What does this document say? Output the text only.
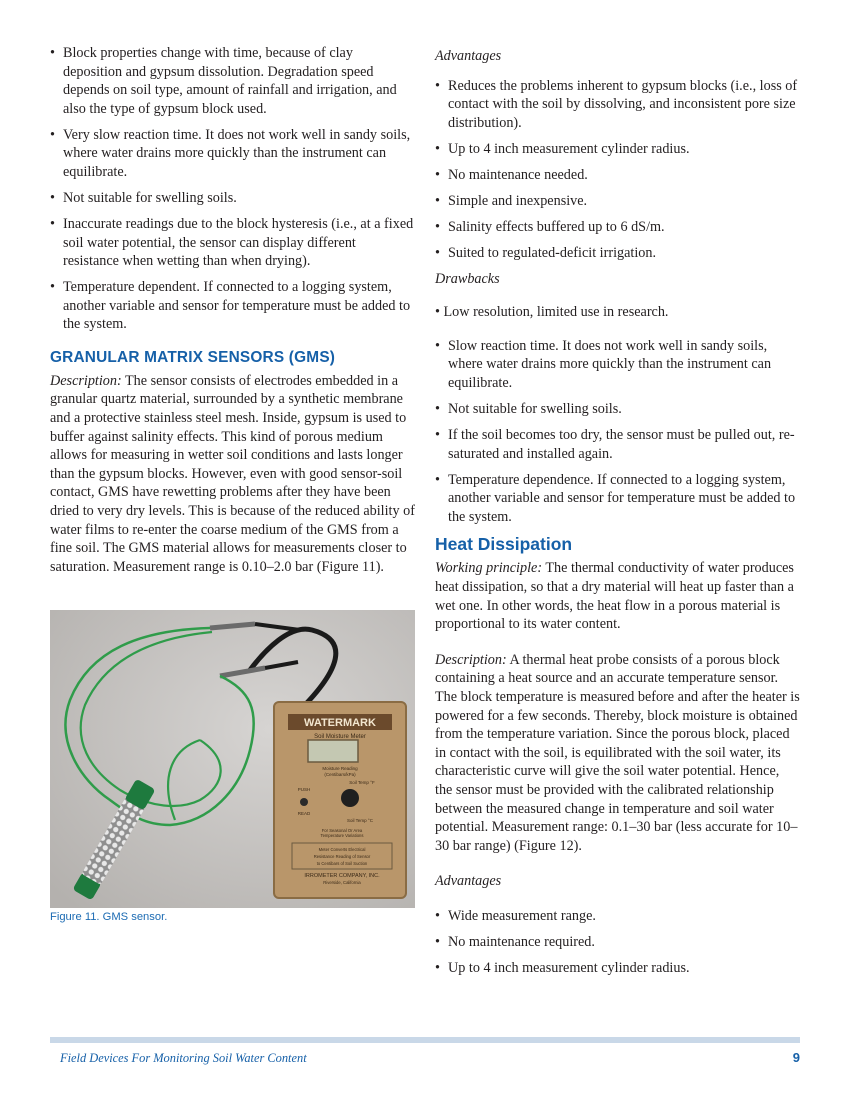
• Block properties change with time, because of clay deposition and gypsum dissolution. Degradation speed depends on soil type, amount of rainfall and irrigation, and also the type of gypsum block used.
• Very slow reaction time. It does not work well in sandy soils, where water drains more quickly than the instrument can equilibrate.
• Not suitable for swelling soils.
• Inaccurate readings due to the block hysteresis (i.e., at a fixed soil water potential, the sensor can display different resistance when wetting than when drying).
• Temperature dependent. If connected to a logging system, another variable and sensor for temperature must be added to the system.
GRANULAR MATRIX SENSORS (GMS)

Description: The sensor consists of electrodes embedded in a granular quartz material, surrounded by a synthetic membrane and a protective stainless steel mesh. Inside, gypsum is used to buffer against salinity effects. This kind of porous medium allows for measuring in wetter soil conditions and lasts longer than the gypsum blocks. However, even with good sensor-soil contact, GMS have rewetting problems after they have been dried to very dry levels. This is because of the reduced ability of water films to re-enter the coarse medium of the GMS from a fine soil. The GMS material allows for measurements closer to saturation. Measurement range is 0.10–2.0 bar (Figure 11).

WATERMARK
Soil Moisture Meter
Moisture Reading
(Centibars/kPa)
Soil Temp °F
PUSH
READ
Soil Temp °C
For Seasonal Or Area
Temperature Variations
Meter Converts Electrical
Resistance Reading of Sensor
to Centibars of Soil Suction
IRROMETER COMPANY, INC.
Riverside, California
Figure 11. GMS sensor.

Advantages

• Reduces the problems inherent to gypsum blocks (i.e., loss of contact with the soil by dissolving, and inconsistent pore size distribution).
• Up to 4 inch measurement cylinder radius.
• No maintenance needed.
• Simple and inexpensive.
• Salinity effects buffered up to 6 dS/m.
• Suited to regulated-deficit irrigation.

Drawbacks

• Low resolution, limited use in research.

• Slow reaction time. It does not work well in sandy soils, where water drains more quickly than the instrument can equilibrate.
• Not suitable for swelling soils.
• If the soil becomes too dry, the sensor must be pulled out, re-saturated and installed again.
• Temperature dependence. If connected to a logging system, another variable and sensor for temperature must be added to the system.
Heat Dissipation

Working principle: The thermal conductivity of water produces heat dissipation, so that a dry material will heat up faster than a wet one. In other words, the heat flow in a porous material is proportional to its water content.

Description: A thermal heat probe consists of a porous block containing a heat source and an accurate temperature sensor. The block temperature is measured before and after the heater is powered for a few seconds. Thereby, block moisture is obtained from the temperature variation. Since the porous block, placed in contact with the soil, is equilibrated with the soil water, its characteristic curve will give the soil water potential. Hence, the sensor must be provided with the calibrated relationship between the measured change in temperature and soil water potential. Measurement range: 0.1–30 bar (less accurate for 10–30 bar range) (Figure 12).

Advantages

• Wide measurement range.
• No maintenance required.
• Up to 4 inch measurement cylinder radius.
Field Devices For Monitoring Soil Water Content	9
